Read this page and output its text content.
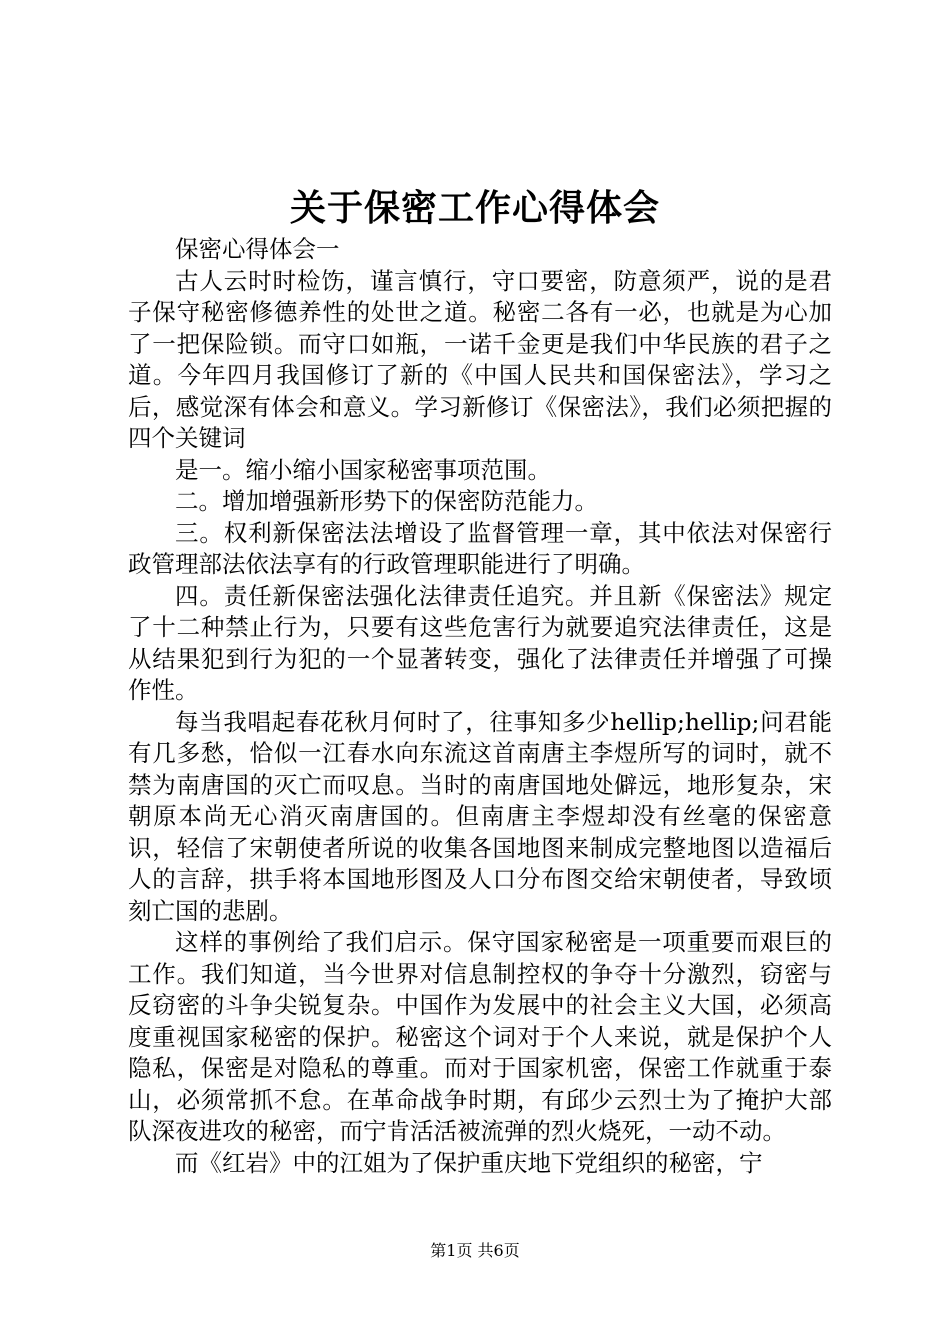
关于保密工作心得体会

保密心得体会一

古人云时时检饬，谨言慎行，守口要密，防意须严，说的是君子保守秘密修德养性的处世之道。秘密二各有一必，也就是为心加了一把保险锁。而守口如瓶，一诺千金更是我们中华民族的君子之道。今年四月我国修订了新的《中国人民共和国保密法》，学习之后，感觉深有体会和意义。学习新修订《保密法》，我们必须把握的四个关键词

是一。缩小缩小国家秘密事项范围。

二。增加增强新形势下的保密防范能力。

三。权利新保密法法增设了监督管理一章，其中依法对保密行政管理部法依法享有的行政管理职能进行了明确。

四。责任新保密法强化法律责任追究。并且新《保密法》规定了十二种禁止行为，只要有这些危害行为就要追究法律责任，这是从结果犯到行为犯的一个显著转变，强化了法律责任并增强了可操作性。

每当我唱起春花秋月何时了，往事知多少hellip;hellip;问君能有几多愁，恰似一江春水向东流这首南唐主李煜所写的词时，就不禁为南唐国的灭亡而叹息。当时的南唐国地处僻远，地形复杂，宋朝原本尚无心消灭南唐国的。但南唐主李煜却没有丝毫的保密意识，轻信了宋朝使者所说的收集各国地图来制成完整地图以造福后人的言辞，拱手将本国地形图及人口分布图交给宋朝使者，导致顷刻亡国的悲剧。

这样的事例给了我们启示。保守国家秘密是一项重要而艰巨的工作。我们知道，当今世界对信息制控权的争夺十分激烈，窃密与反窃密的斗争尖锐复杂。中国作为发展中的社会主义大国，必须高度重视国家秘密的保护。秘密这个词对于个人来说，就是保护个人隐私，保密是对隐私的尊重。而对于国家机密，保密工作就重于泰山，必须常抓不怠。在革命战争时期，有邱少云烈士为了掩护大部队深夜进攻的秘密，而宁肯活活被流弹的烈火烧死，一动不动。

而《红岩》中的江姐为了保护重庆地下党组织的秘密，宁

第1页 共6页
